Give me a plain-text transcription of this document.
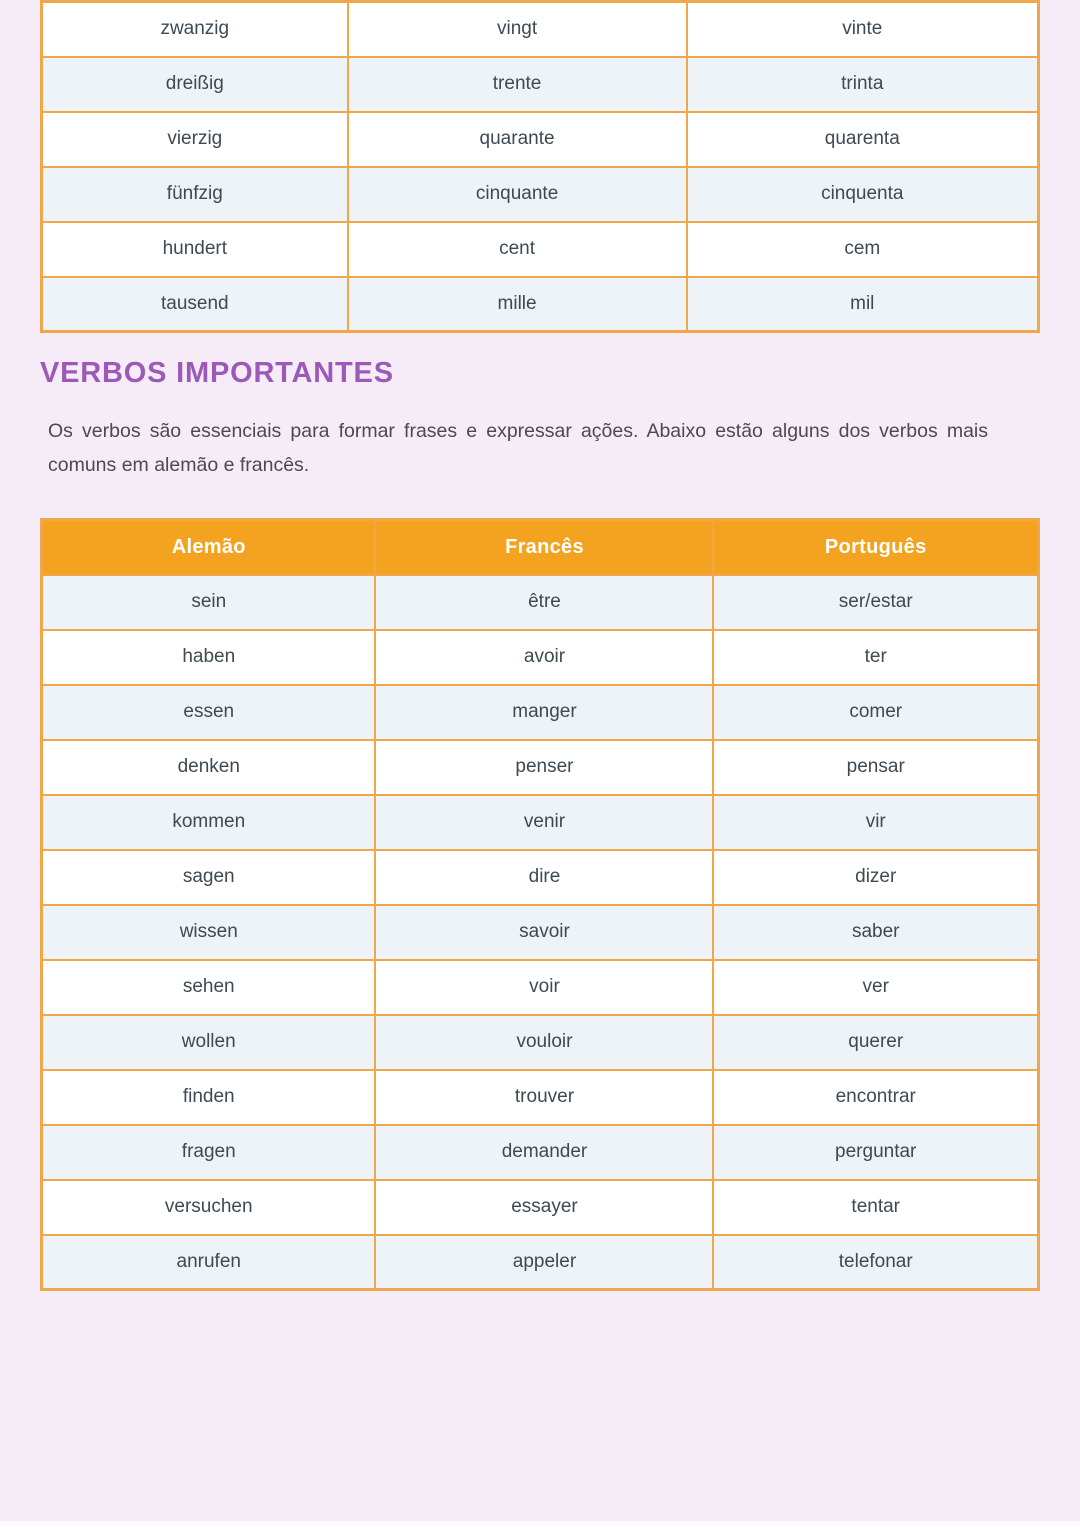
zwanzig	vingt	vinte
dreißig	trente	trinta
vierzig	quarante	quarenta
fünfzig	cinquante	cinquenta
hundert	cent	cem
tausend	mille	mil
VERBOS IMPORTANTES

Os verbos são essenciais para formar frases e expressar ações. Abaixo estão alguns dos verbos mais comuns em alemão e francês.

Alemão	Francês	Português
sein	être	ser/estar
haben	avoir	ter
essen	manger	comer
denken	penser	pensar
kommen	venir	vir
sagen	dire	dizer
wissen	savoir	saber
sehen	voir	ver
wollen	vouloir	querer
finden	trouver	encontrar
fragen	demander	perguntar
versuchen	essayer	tentar
anrufen	appeler	telefonar
